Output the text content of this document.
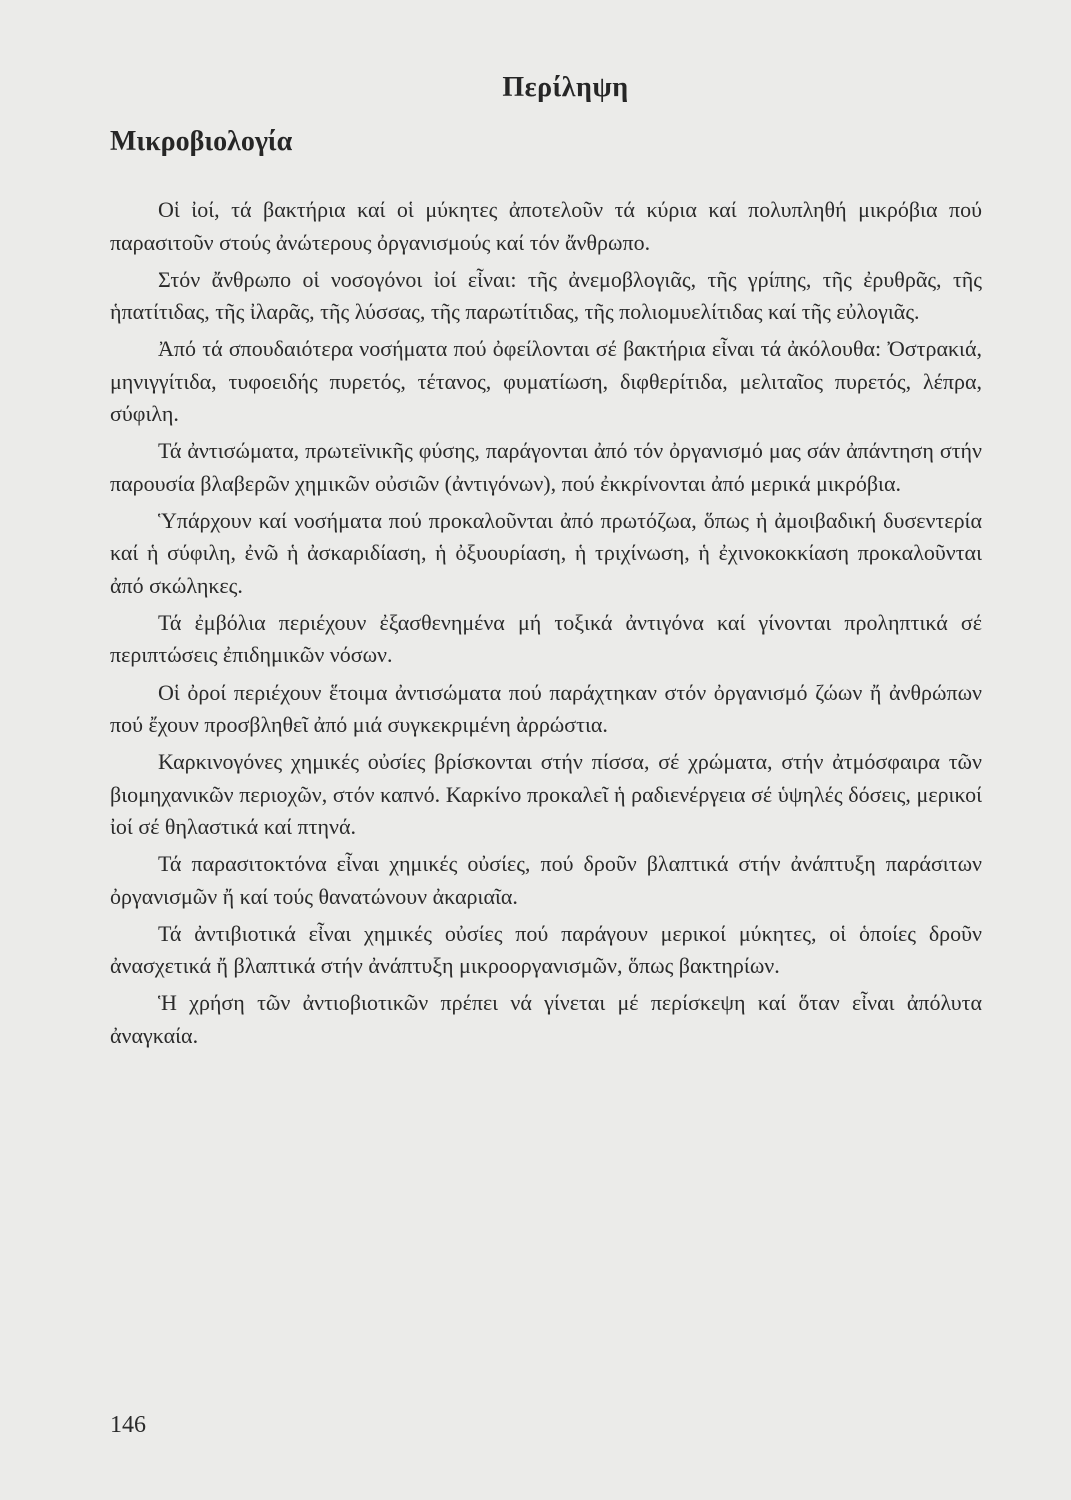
Περίληψη
Μικροβιολογία

Οἱ ἰοί, τά βακτήρια καί οἱ μύκητες ἀποτελοῦν τά κύρια καί πολυπληθή μικρόβια πού παρασιτοῦν στούς ἀνώτερους ὀργανισμούς καί τόν ἄνθρωπο.

Στόν ἄνθρωπο οἱ νοσογόνοι ἰοί εἶναι: τῆς ἀνεμοβλογιᾶς, τῆς γρίπης, τῆς ἐρυθρᾶς, τῆς ἡπατίτιδας, τῆς ἰλαρᾶς, τῆς λύσσας, τῆς παρωτίτιδας, τῆς πολιομυελίτιδας καί τῆς εὐλογιᾶς.

Ἀπό τά σπουδαιότερα νοσήματα πού ὀφείλονται σέ βακτήρια εἶναι τά ἀκόλουθα: Ὀστρακιά, μηνιγγίτιδα, τυφοειδής πυρετός, τέτανος, φυματίωση, διφθερίτιδα, μελιταῖος πυρετός, λέπρα, σύφιλη.

Τά ἀντισώματα, πρωτεϊνικῆς φύσης, παράγονται ἀπό τόν ὀργανισμό μας σάν ἀπάντηση στήν παρουσία βλαβερῶν χημικῶν οὐσιῶν (ἀντιγόνων), πού ἐκκρίνονται ἀπό μερικά μικρόβια.

Ὑπάρχουν καί νοσήματα πού προκαλοῦνται ἀπό πρωτόζωα, ὅπως ἡ ἀμοιβαδική δυσεντερία καί ἡ σύφιλη, ἐνῶ ἡ ἀσκαριδίαση, ἡ ὀξυουρίαση, ἡ τριχίνωση, ἡ ἐχινοκοκκίαση προκαλοῦνται ἀπό σκώληκες.

Τά ἐμβόλια περιέχουν ἐξασθενημένα μή τοξικά ἀντιγόνα καί γίνονται προληπτικά σέ περιπτώσεις ἐπιδημικῶν νόσων.

Οἱ ὀροί περιέχουν ἕτοιμα ἀντισώματα πού παράχτηκαν στόν ὀργανισμό ζώων ἤ ἀνθρώπων πού ἔχουν προσβληθεῖ ἀπό μιά συγκεκριμένη ἀρρώστια.

Καρκινογόνες χημικές οὐσίες βρίσκονται στήν πίσσα, σέ χρώματα, στήν ἀτμόσφαιρα τῶν βιομηχανικῶν περιοχῶν, στόν καπνό. Καρκίνο προκαλεῖ ἡ ραδιενέργεια σέ ὑψηλές δόσεις, μερικοί ἰοί σέ θηλαστικά καί πτηνά.

Τά παρασιτοκτόνα εἶναι χημικές οὐσίες, πού δροῦν βλαπτικά στήν ἀνάπτυξη παράσιτων ὀργανισμῶν ἤ καί τούς θανατώνουν ἀκαριαῖα.

Τά ἀντιβιοτικά εἶναι χημικές οὐσίες πού παράγουν μερικοί μύκητες, οἱ ὁποίες δροῦν ἀνασχετικά ἤ βλαπτικά στήν ἀνάπτυξη μικροοργανισμῶν, ὅπως βακτηρίων.

Ἡ χρήση τῶν ἀντιοβιοτικῶν πρέπει νά γίνεται μέ περίσκεψη καί ὅταν εἶναι ἀπόλυτα ἀναγκαία.

146
